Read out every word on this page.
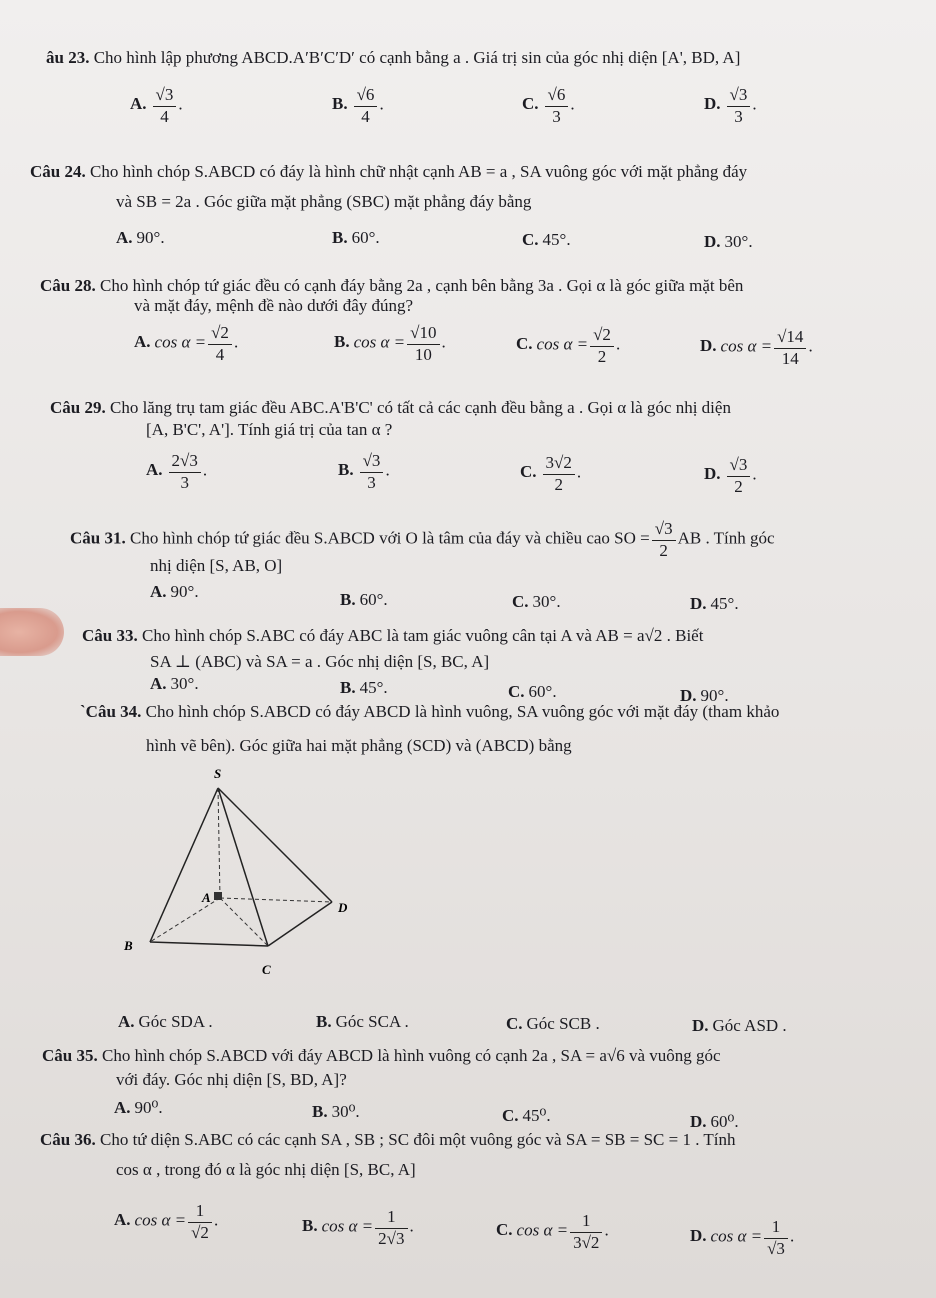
âu 23. Cho hình lập phương ABCD.A′B′C′D′ có cạnh bằng a . Giá trị sin của góc nhị diện [A', BD, A]
A. $\frac{√3}{4}$ .	B. $\frac{√6}{4}$ .	C. $\frac{√6}{3}$ .	D. $\frac{√3}{3}$ .
Câu 24. Cho hình chóp S.ABCD có đáy là hình chữ nhật cạnh AB = a , SA vuông góc với mặt phẳng đáy
và SB = 2a . Góc giữa mặt phẳng (SBC) mặt phẳng đáy bằng
A. 90°.	B. 60°.	C. 45°.	D. 30°.
Câu 28. Cho hình chóp tứ giác đều có cạnh đáy bằng 2a , cạnh bên bằng 3a . Gọi α là góc giữa mặt bên
và mặt đáy, mệnh đề nào dưới đây đúng?
A. $\cos \alpha = \frac{√2}{4}$ .	B. $\cos \alpha = \frac{√10}{10}$ .	C. $\cos \alpha = \frac{√2}{2}$ .	D. $\cos \alpha = \frac{√14}{14}$ .
Câu 29. Cho lăng trụ tam giác đều ABC.A'B'C' có tất cả các cạnh đều bằng a . Gọi α là góc nhị diện
[A, B'C', A']. Tính giá trị của tan α ?
A. $\frac{2√3}{3}$ .	B. $\frac{√3}{3}$ .	C. $\frac{3√2}{2}$ .	D. $\frac{√3}{2}$ .
Câu 31. Cho hình chóp tứ giác đều S.ABCD với O là tâm của đáy và chiều cao SO = $\frac{√3}{2}$ AB . Tính góc
nhị diện [S, AB, O]
A. 90°.	B. 60°.	C. 30°.	D. 45°.
Câu 33. Cho hình chóp S.ABC có đáy ABC là tam giác vuông cân tại A và AB = a√2 . Biết
SA ⊥ (ABC) và SA = a . Góc nhị diện [S, BC, A]
A. 30°.	B. 45°.	C. 60°.	D. 90°.
`Câu 34. Cho hình chóp S.ABCD có đáy ABCD là hình vuông, SA vuông góc với mặt đáy (tham khảo
hình vẽ bên). Góc giữa hai mặt phẳng (SCD) và (ABCD) bằng
S
A
B
C
D
A. Góc SDA .	B. Góc SCA .	C. Góc SCB .	D. Góc ASD .
Câu 35. Cho hình chóp S.ABCD với đáy ABCD là hình vuông có cạnh 2a , SA = a√6 và vuông góc
với đáy. Góc nhị diện [S, BD, A]?
A. 90⁰.	B. 30⁰.	C. 45⁰.	D. 60⁰.
Câu 36. Cho tứ diện S.ABC có các cạnh SA , SB ; SC đôi một vuông góc và SA = SB = SC = 1 . Tính
cos α , trong đó α là góc nhị diện [S, BC, A]
A. $\cos \alpha = \frac{1}{√2}$ .	B. $\cos \alpha = \frac{1}{2√3}$ .	C. $\cos \alpha = \frac{1}{3√2}$ .	D. $\cos \alpha = \frac{1}{√3}$ .
